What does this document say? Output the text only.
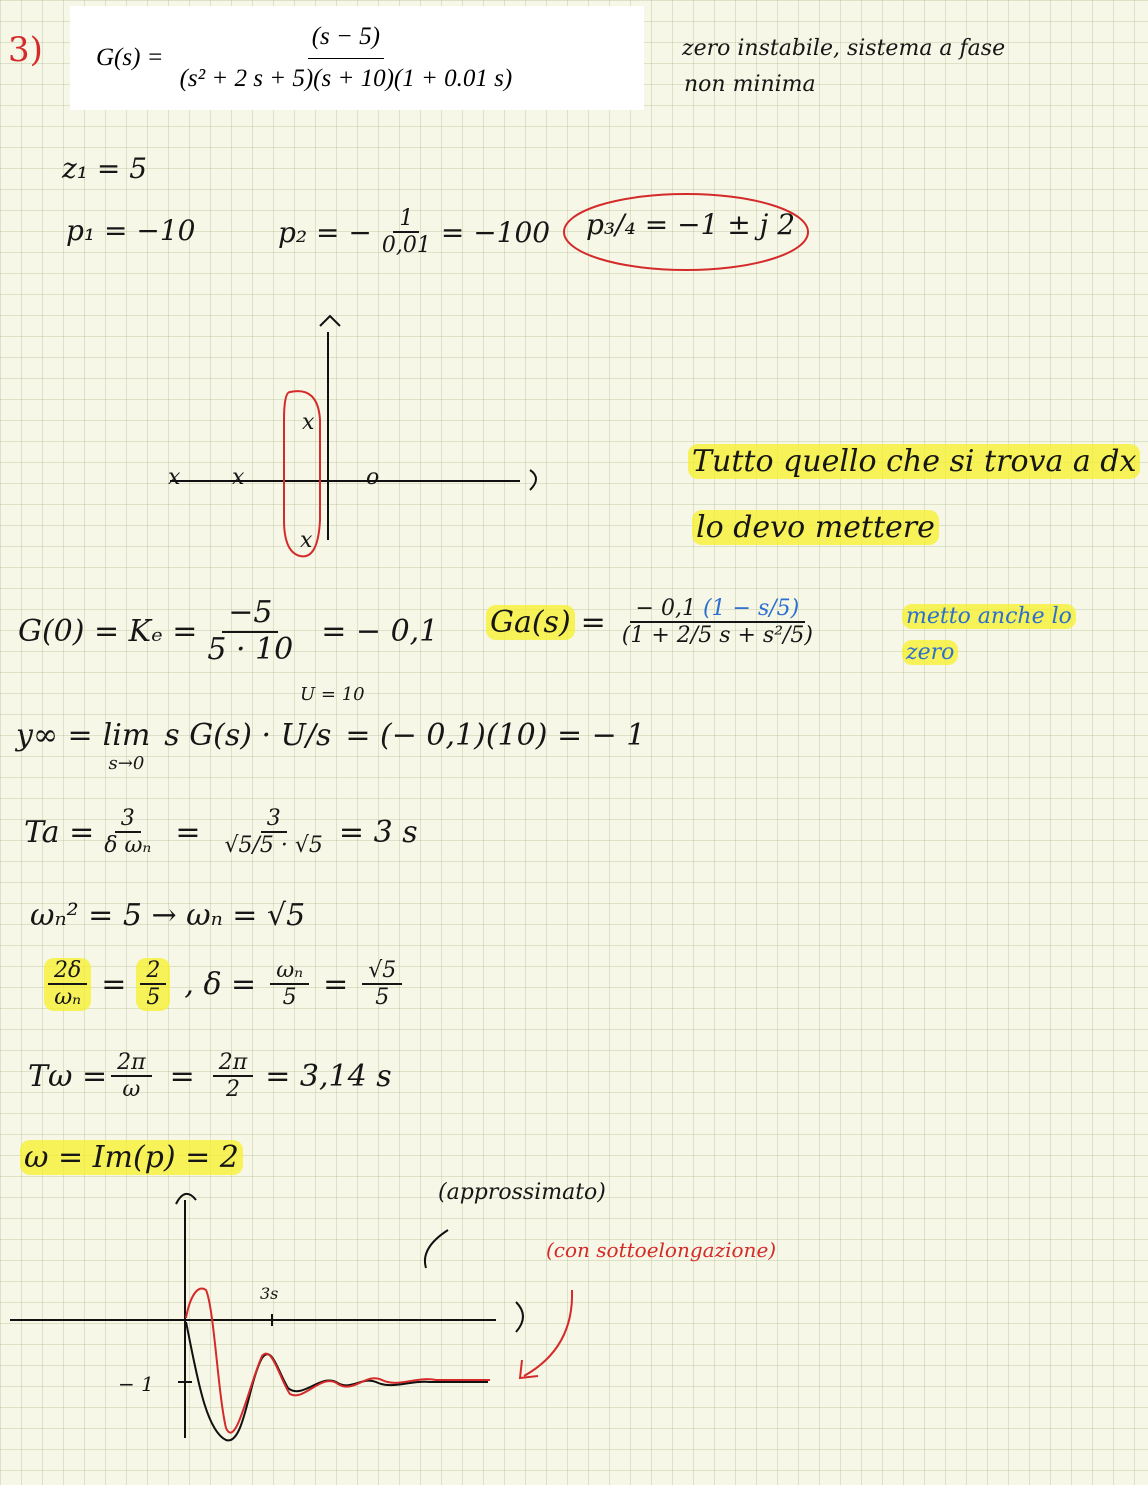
3) $G(s) = \frac{(s - 5)}{\text{(s² + 2 s + 5)(s + 10)(1 + 0.01 s)}}$	zero instabile, sistema a fase
non minima
z₁ = 5
p₁ = −10	p₂ = − $\frac{1}{0,01} = -100$ p₃/₄ = −1 ± j 2
Tutto quello che si trova a dx
lo devo mettere
x x
x
x
o
$G(0) = K_e = \frac{-5}{5 \cdot 10}$ = − 0,1 $Ga(s) = \frac{- 0,1 (1 - s/5)}{\text{(1 + 2/5 s + s²/5)}}$	metto anche lo
zero
U = 10
y∞ = lim
s→0
s G(s) · U/s = (− 0,1)(10) = − 1
$Ta = \frac{3}{\text{δ ωₙ}} = \frac{3}{√5/5 \cdot √5} = 3$ s
ωₙ² = 5 → ωₙ = √5
$\frac{2\delta}{\text{ωₙ}} = \frac{2}{5}$ , $\delta = \frac{\text{ωₙ}}{5} = \frac{√5}{5}$
$T\omega = \frac{2\pi}{\omega} = \frac{2\pi}{2} = 3,14$ s
ω = Im(p) = 2
(approssimato)
(con sottoelongazione)
3s
− 1
